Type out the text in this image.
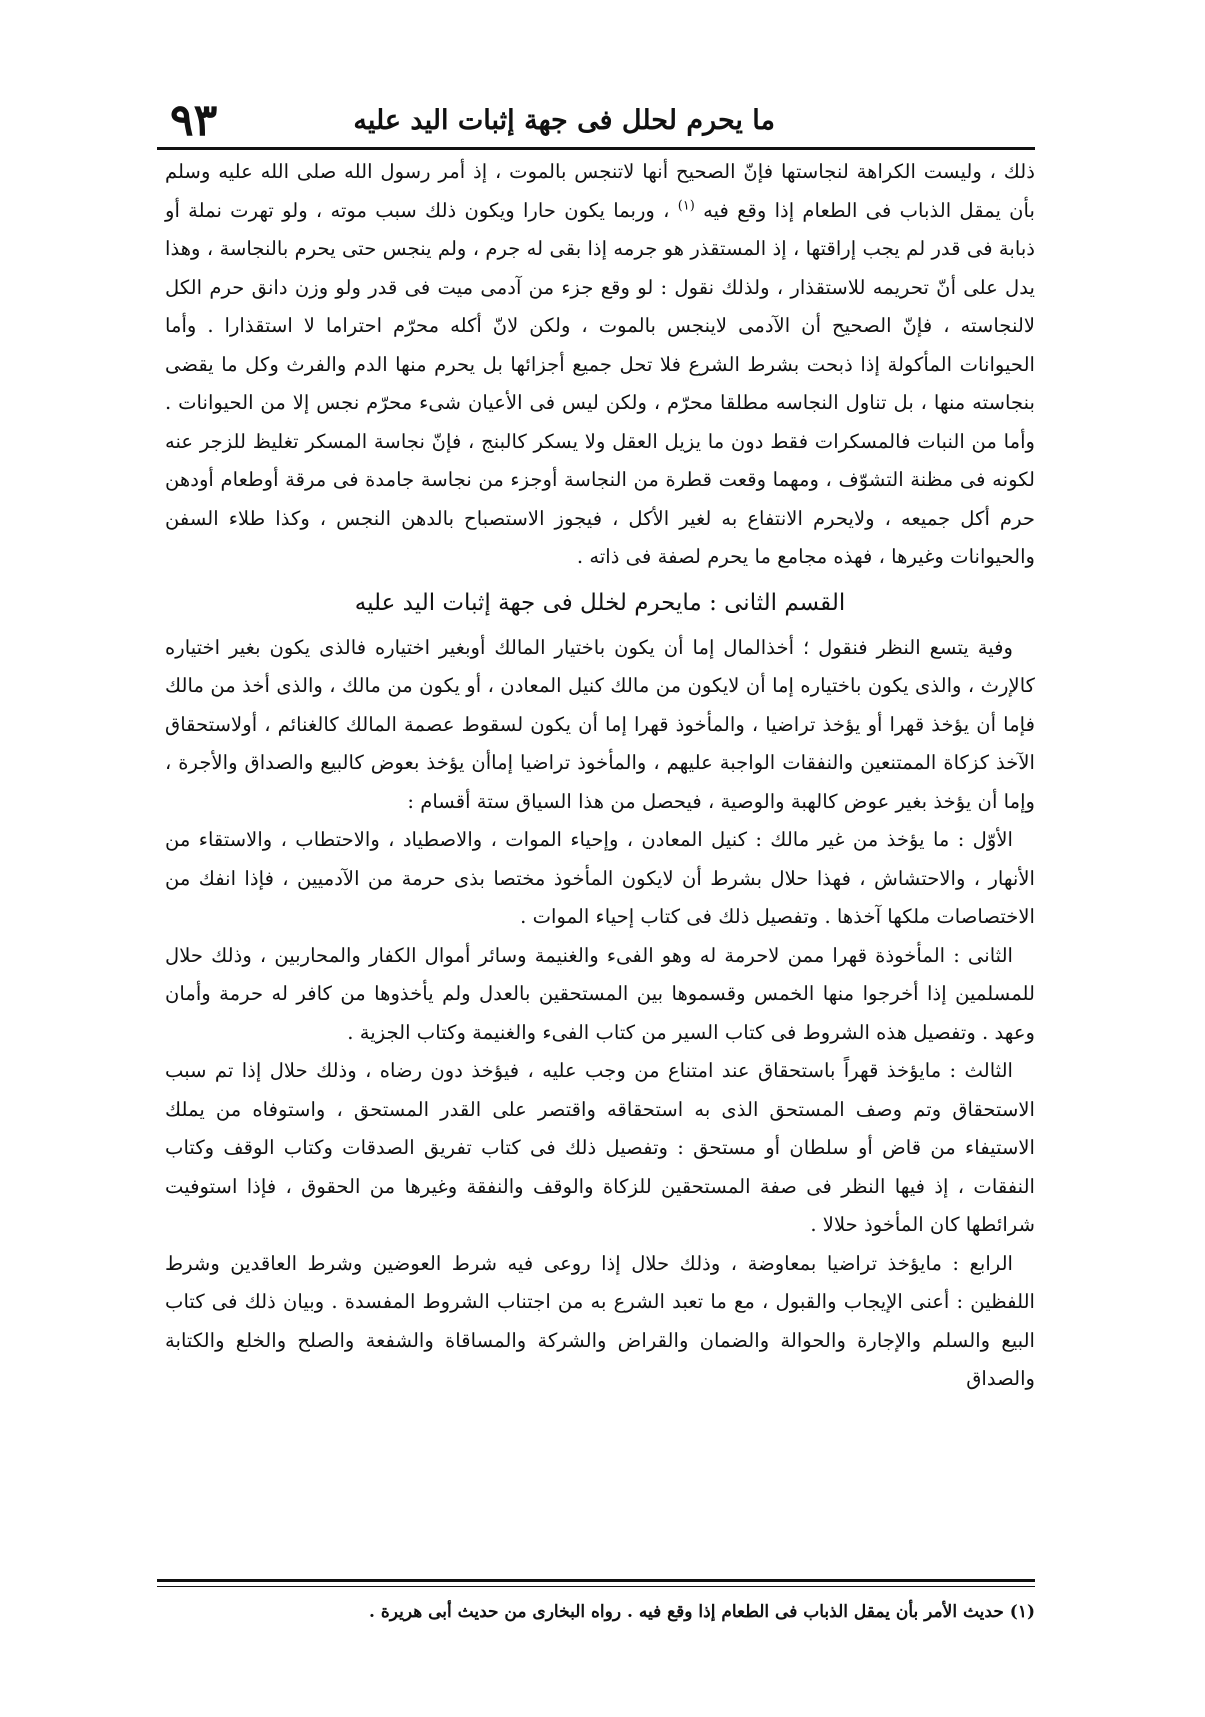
ما يحرم لحلل فى جهة إثبات اليد عليه
٩٣

ذلك ، وليست الكراهة لنجاستها فإنّ الصحيح أنها لاتنجس بالموت ، إذ أمر رسول الله صلى الله عليه وسلم بأن يمقل الذباب فى الطعام إذا وقع فيه $^{(١)}$ ، وربما يكون حارا ويكون ذلك سبب موته ، ولو تهرت نملة أو ذبابة فى قدر لم يجب إراقتها ، إذ المستقذر هو جرمه إذا بقى له جرم ، ولم ينجس حتى يحرم بالنجاسة ، وهذا يدل على أنّ تحريمه للاستقذار ، ولذلك نقول : لو وقع جزء من آدمى ميت فى قدر ولو وزن دانق حرم الكل لالنجاسته ، فإنّ الصحيح أن الآدمى لاينجس بالموت ، ولكن لانّ أكله محرّم احتراما لا استقذارا . وأما الحيوانات المأكولة إذا ذبحت بشرط الشرع فلا تحل جميع أجزائها بل يحرم منها الدم والفرث وكل ما يقضى بنجاسته منها ، بل تناول النجاسه مطلقا محرّم ، ولكن ليس فى الأعيان شىء محرّم نجس إلا من الحيوانات . وأما من النبات فالمسكرات فقط دون ما يزيل العقل ولا يسكر كالبنج ، فإنّ نجاسة المسكر تغليظ للزجر عنه لكونه فى مظنة التشوّف ، ومهما وقعت قطرة من النجاسة أوجزء من نجاسة جامدة فى مرقة أوطعام أودهن حرم أكل جميعه ، ولايحرم الانتفاع به لغير الأكل ، فيجوز الاستصباح بالدهن النجس ، وكذا طلاء السفن والحيوانات وغيرها ، فهذه مجامع ما يحرم لصفة فى ذاته .

القسم الثانى : مايحرم لخلل فى جهة إثبات اليد عليه

وفية يتسع النظر فنقول ؛ أخذالمال إما أن يكون باختيار المالك أوبغير اختياره فالذى يكون بغير اختياره كالإرث ، والذى يكون باختياره إما أن لايكون من مالك كنيل المعادن ، أو يكون من مالك ، والذى أخذ من مالك فإما أن يؤخذ قهرا أو يؤخذ تراضيا ، والمأخوذ قهرا إما أن يكون لسقوط عصمة المالك كالغنائم ، أولاستحقاق الآخذ كزكاة الممتنعين والنفقات الواجبة عليهم ، والمأخوذ تراضيا إماأن يؤخذ بعوض كالبيع والصداق والأجرة ، وإما أن يؤخذ بغير عوض كالهبة والوصية ، فيحصل من هذا السياق ستة أقسام :

الأوّل : ما يؤخذ من غير مالك : كنيل المعادن ، وإحياء الموات ، والاصطياد ، والاحتطاب ، والاستقاء من الأنهار ، والاحتشاش ، فهذا حلال بشرط أن لايكون المأخوذ مختصا بذى حرمة من الآدميين ، فإذا انفك من الاختصاصات ملكها آخذها . وتفصيل ذلك فى كتاب إحياء الموات .

الثانى : المأخوذة قهرا ممن لاحرمة له وهو الفىء والغنيمة وسائر أموال الكفار والمحاربين ، وذلك حلال للمسلمين إذا أخرجوا منها الخمس وقسموها بين المستحقين بالعدل ولم يأخذوها من كافر له حرمة وأمان وعهد . وتفصيل هذه الشروط فى كتاب السير من كتاب الفىء والغنيمة وكتاب الجزية .

الثالث : مايؤخذ قهراً باستحقاق عند امتناع من وجب عليه ، فيؤخذ دون رضاه ، وذلك حلال إذا تم سبب الاستحقاق وتم وصف المستحق الذى به استحقاقه واقتصر على القدر المستحق ، واستوفاه من يملك الاستيفاء من قاض أو سلطان أو مستحق : وتفصيل ذلك فى كتاب تفريق الصدقات وكتاب الوقف وكتاب النفقات ، إذ فيها النظر فى صفة المستحقين للزكاة والوقف والنفقة وغيرها من الحقوق ، فإذا استوفيت شرائطها كان المأخوذ حلالا .

الرابع : مايؤخذ تراضيا بمعاوضة ، وذلك حلال إذا روعى فيه شرط العوضين وشرط العاقدين وشرط اللفظين : أعنى الإيجاب والقبول ، مع ما تعبد الشرع به من اجتناب الشروط المفسدة . وبيان ذلك فى كتاب البيع والسلم والإجارة والحوالة والضمان والقراض والشركة والمساقاة والشفعة والصلح والخلع والكتابة والصداق

(١) حديث الأمر بأن يمقل الذباب فى الطعام إذا وقع فيه . رواه البخارى من حديث أبى هريرة .
